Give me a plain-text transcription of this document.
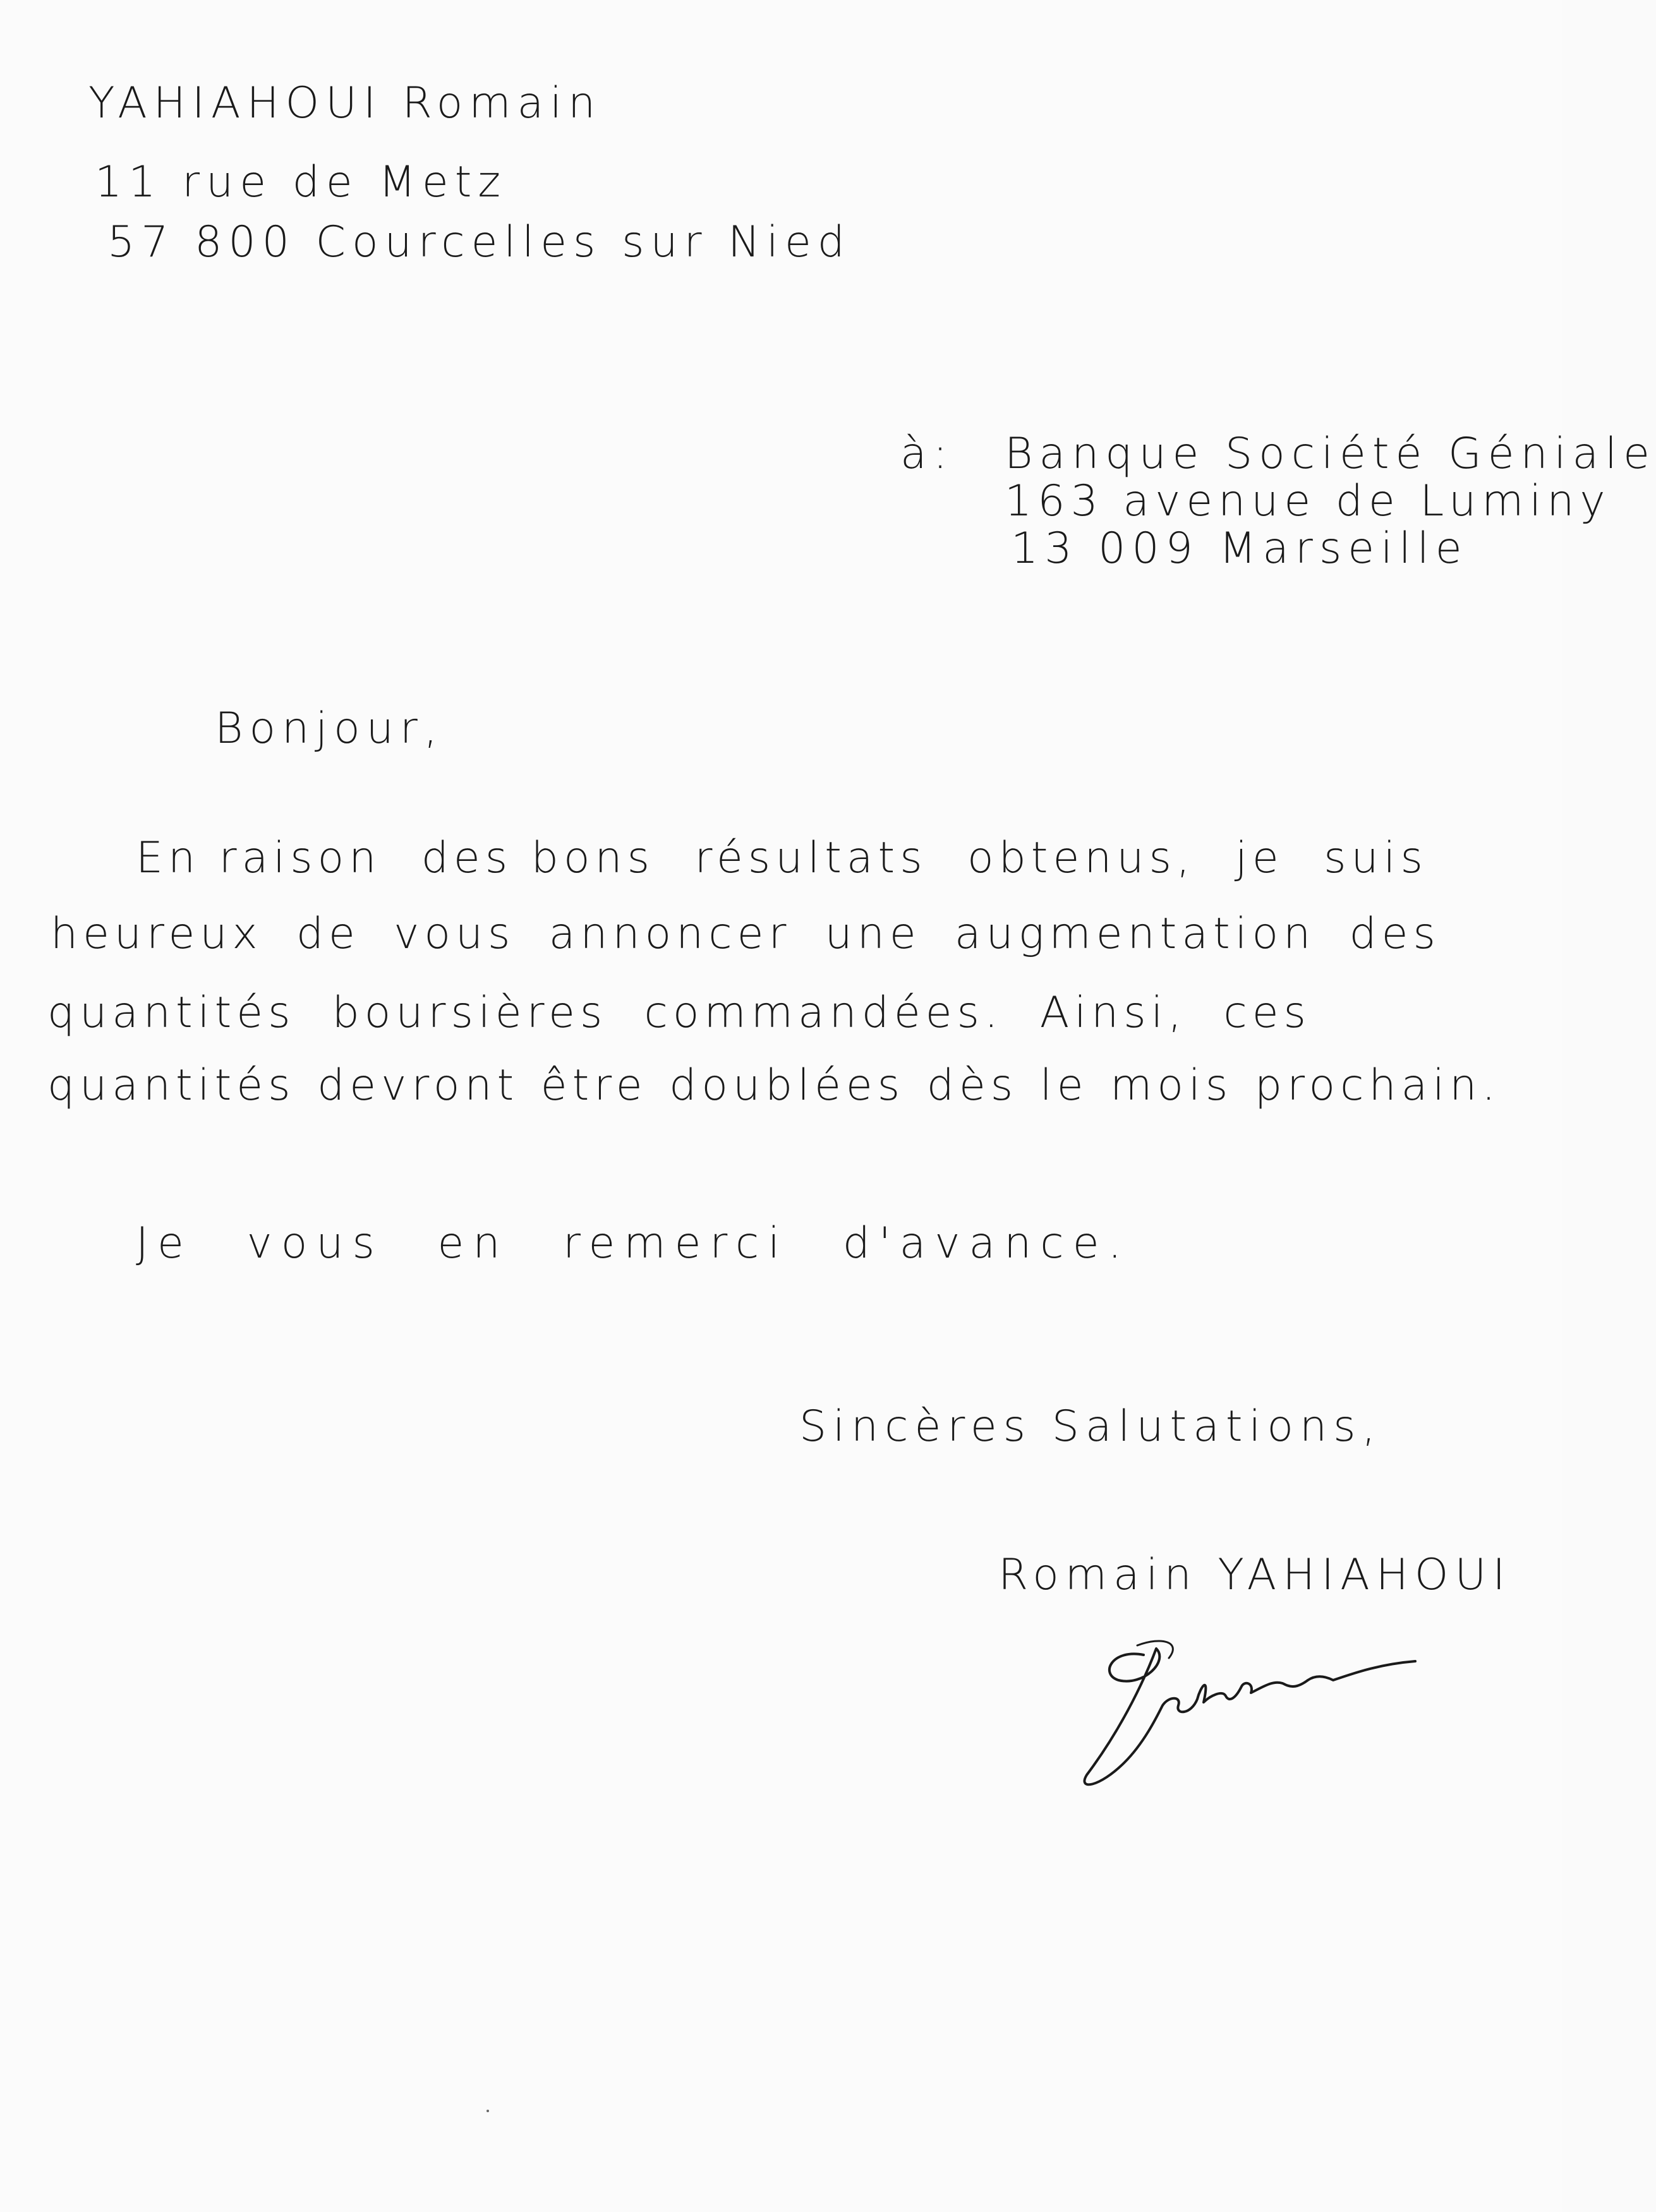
YAHIAHOUI Romain
11 rue de Metz
57 800 Courcelles sur Nied
à: Banque Société Géniale
163 avenue de Luminy
13 009 Marseille
Bonjour,
En raison des bons résultats obtenus, je suis
heureux de vous annoncer une augmentation des
quantités boursières commandées. Ainsi, ces
quantités devront être doublées dès le mois prochain.
Je vous en remerci d'avance.
Sincères Salutations,
Romain YAHIAHOUI
